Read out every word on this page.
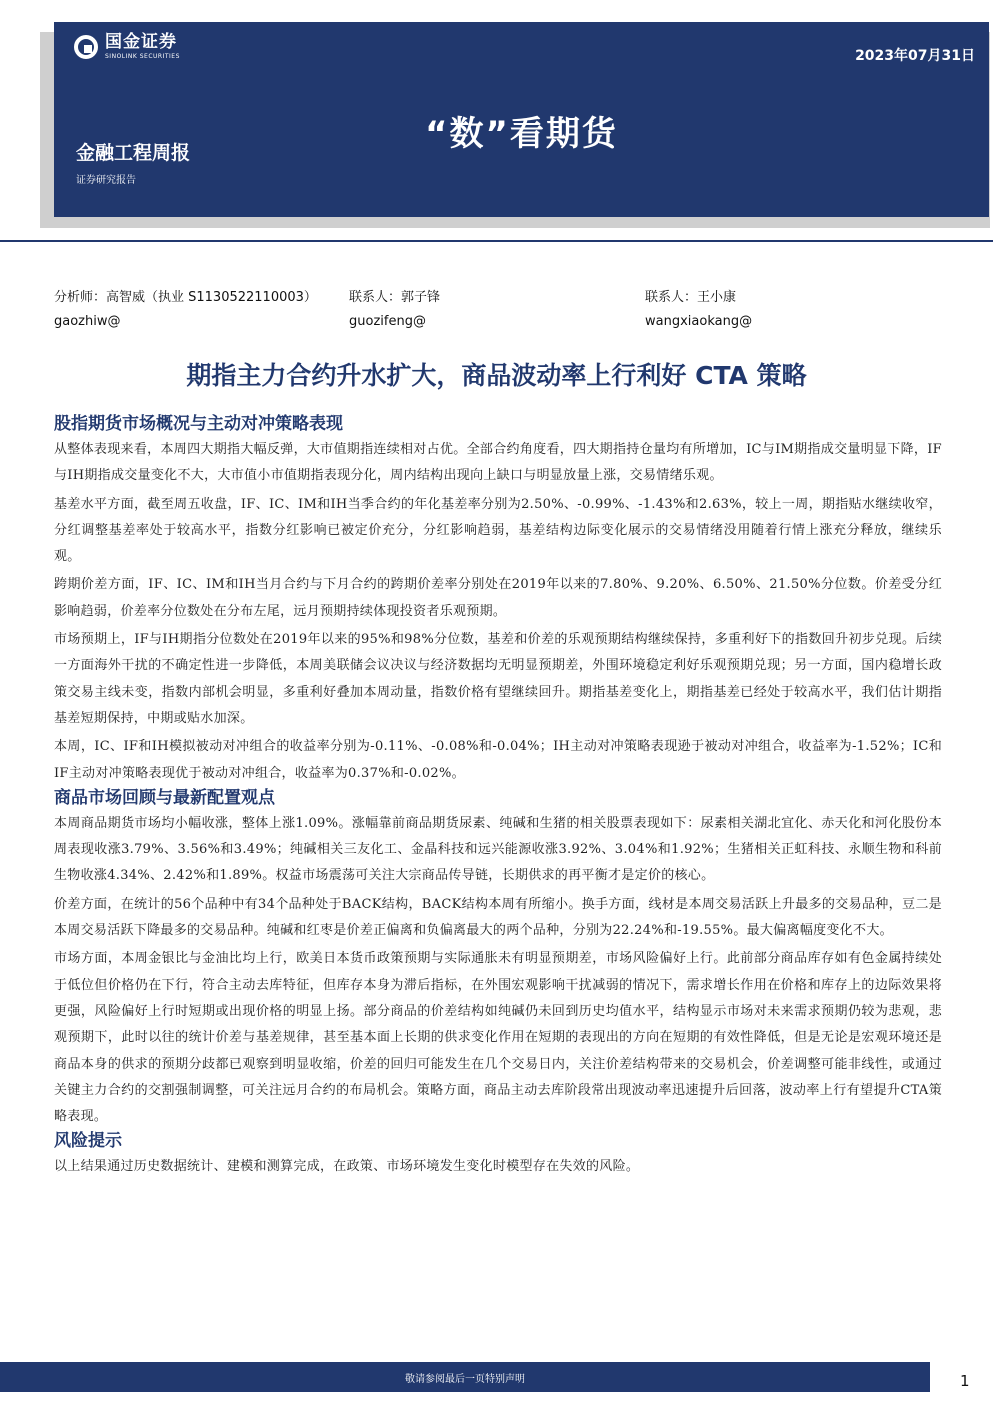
国金证券
SINOLINK SECURITIES	2023年07月31日
“数”看期货
金融工程周报
证券研究报告
分析师：高智威（执业 S1130522110003）
gaozhiw@
联系人：郭子锋
guozifeng@
联系人：王小康
wangxiaokang@
期指主力合约升水扩大，商品波动率上行利好 CTA 策略
股指期货市场概况与主动对冲策略表现

从整体表现来看，本周四大期指大幅反弹，大市值期指连续相对占优。全部合约角度看，四大期指持仓量均有所增加，IC与IM期指成交量明显下降，IF与IH期指成交量变化不大，大市值小市值期指表现分化，周内结构出现向上缺口与明显放量上涨，交易情绪乐观。

基差水平方面，截至周五收盘，IF、IC、IM和IH当季合约的年化基差率分别为2.50%、-0.99%、-1.43%和2.63%，较上一周，期指贴水继续收窄，分红调整基差率处于较高水平，指数分红影响已被定价充分，分红影响趋弱，基差结构边际变化展示的交易情绪没用随着行情上涨充分释放，继续乐观。

跨期价差方面，IF、IC、IM和IH当月合约与下月合约的跨期价差率分别处在2019年以来的7.80%、9.20%、6.50%、21.50%分位数。价差受分红影响趋弱，价差率分位数处在分布左尾，远月预期持续体现投资者乐观预期。

市场预期上，IF与IH期指分位数处在2019年以来的95%和98%分位数，基差和价差的乐观预期结构继续保持，多重利好下的指数回升初步兑现。后续一方面海外干扰的不确定性进一步降低，本周美联储会议决议与经济数据均无明显预期差，外围环境稳定利好乐观预期兑现；另一方面，国内稳增长政策交易主线未变，指数内部机会明显，多重利好叠加本周动量，指数价格有望继续回升。期指基差变化上，期指基差已经处于较高水平，我们估计期指基差短期保持，中期或贴水加深。

本周，IC、IF和IH模拟被动对冲组合的收益率分别为-0.11%、-0.08%和-0.04%；IH主动对冲策略表现逊于被动对冲组合，收益率为-1.52%；IC和IF主动对冲策略表现优于被动对冲组合，收益率为0.37%和-0.02%。

商品市场回顾与最新配置观点

本周商品期货市场均小幅收涨，整体上涨1.09%。涨幅靠前商品期货尿素、纯碱和生猪的相关股票表现如下：尿素相关湖北宜化、赤天化和河化股份本周表现收涨3.79%、3.56%和3.49%；纯碱相关三友化工、金晶科技和远兴能源收涨3.92%、3.04%和1.92%；生猪相关正虹科技、永顺生物和科前生物收涨4.34%、2.42%和1.89%。权益市场震荡可关注大宗商品传导链，长期供求的再平衡才是定价的核心。

价差方面，在统计的56个品种中有34个品种处于BACK结构，BACK结构本周有所缩小。换手方面，线材是本周交易活跃上升最多的交易品种，豆二是本周交易活跃下降最多的交易品种。纯碱和红枣是价差正偏离和负偏离最大的两个品种，分别为22.24%和-19.55%。最大偏离幅度变化不大。

市场方面，本周金银比与金油比均上行，欧美日本货币政策预期与实际通胀未有明显预期差，市场风险偏好上行。此前部分商品库存如有色金属持续处于低位但价格仍在下行，符合主动去库特征，但库存本身为滞后指标，在外围宏观影响干扰减弱的情况下，需求增长作用在价格和库存上的边际效果将更强，风险偏好上行时短期或出现价格的明显上扬。部分商品的价差结构如纯碱仍未回到历史均值水平，结构显示市场对未来需求预期仍较为悲观，悲观预期下，此时以往的统计价差与基差规律，甚至基本面上长期的供求变化作用在短期的表现出的方向在短期的有效性降低，但是无论是宏观环境还是商品本身的供求的预期分歧都已观察到明显收缩，价差的回归可能发生在几个交易日内，关注价差结构带来的交易机会，价差调整可能非线性，或通过关键主力合约的交割强制调整，可关注远月合约的布局机会。策略方面，商品主动去库阶段常出现波动率迅速提升后回落，波动率上行有望提升CTA策略表现。

风险提示

以上结果通过历史数据统计、建模和测算完成，在政策、市场环境发生变化时模型存在失效的风险。

敬请参阅最后一页特别声明	1
